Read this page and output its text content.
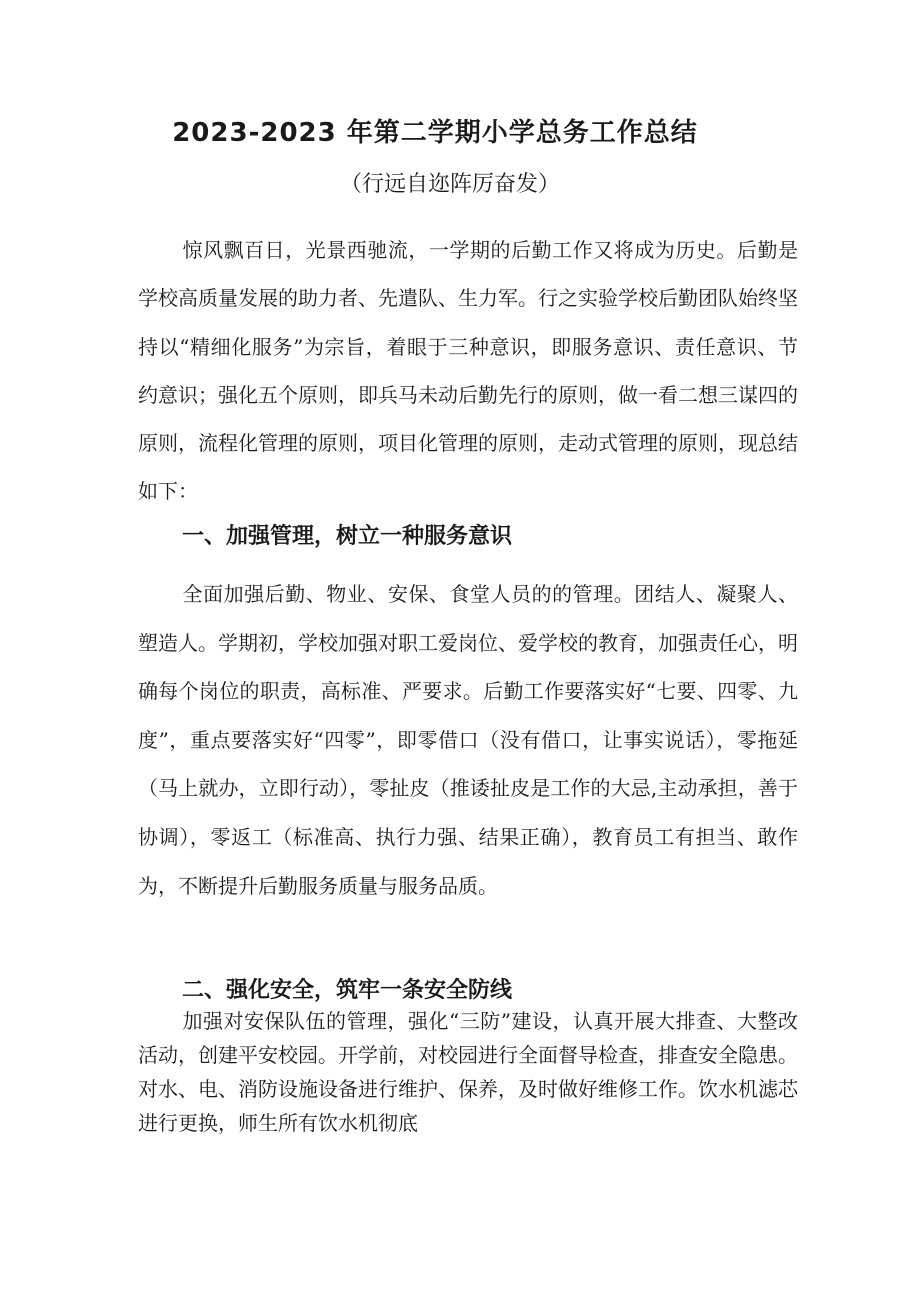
2023-2023 年第二学期小学总务工作总结
（行远自迩阵厉奋发）

惊风飘百日，光景西驰流，一学期的后勤工作又将成为历史。后勤是学校高质量发展的助力者、先遣队、生力军。行之实验学校后勤团队始终坚持以“精细化服务”为宗旨，着眼于三种意识，即服务意识、责任意识、节约意识；强化五个原则，即兵马未动后勤先行的原则，做一看二想三谋四的原则，流程化管理的原则，项目化管理的原则，走动式管理的原则，现总结如下：

一、加强管理，树立一种服务意识

全面加强后勤、物业、安保、食堂人员的的管理。团结人、凝聚人、塑造人。学期初，学校加强对职工爱岗位、爱学校的教育，加强责任心，明确每个岗位的职责，高标准、严要求。后勤工作要落实好“七要、四零、九度”，重点要落实好“四零”，即零借口（没有借口，让事实说话），零拖延（马上就办，立即行动），零扯皮（推诿扯皮是工作的大忌,主动承担，善于协调），零返工（标准高、执行力强、结果正确），教育员工有担当、敢作为，不断提升后勤服务质量与服务品质。

二、强化安全，筑牢一条安全防线

加强对安保队伍的管理，强化“三防”建设，认真开展大排查、大整改活动，创建平安校园。开学前，对校园进行全面督导检查，排查安全隐患。对水、电、消防设施设备进行维护、保养，及时做好维修工作。饮水机滤芯进行更换，师生所有饮水机彻底
